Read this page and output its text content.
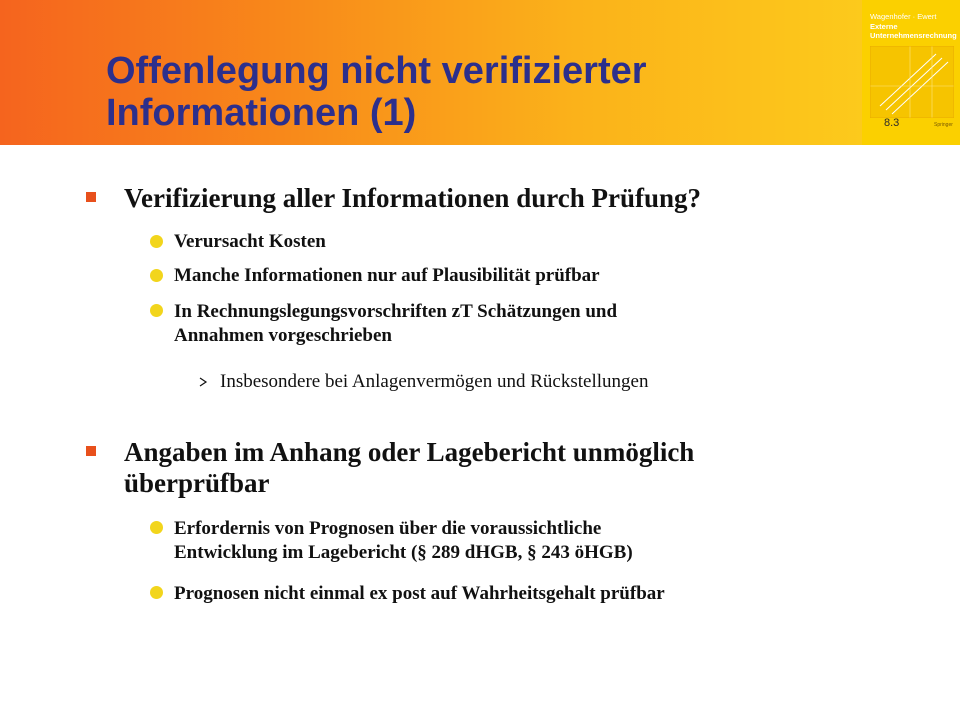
Offenlegung nicht verifizierter
Informationen (1)
Wagenhofer · Ewert
Externe
Unternehmensrechnung
Springer
8.3
Verifizierung aller Informationen durch Prüfung?
Verursacht Kosten
Manche Informationen nur auf Plausibilität prüfbar
In Rechnungslegungsvorschriften zT Schätzungen und
Annahmen vorgeschrieben
Insbesondere bei Anlagenvermögen und Rückstellungen
Angaben im Anhang oder Lagebericht unmöglich
überprüfbar
Erfordernis von Prognosen über die voraussichtliche
Entwicklung im Lagebericht (§ 289 dHGB, § 243 öHGB)
Prognosen nicht einmal ex post auf Wahrheitsgehalt prüfbar
